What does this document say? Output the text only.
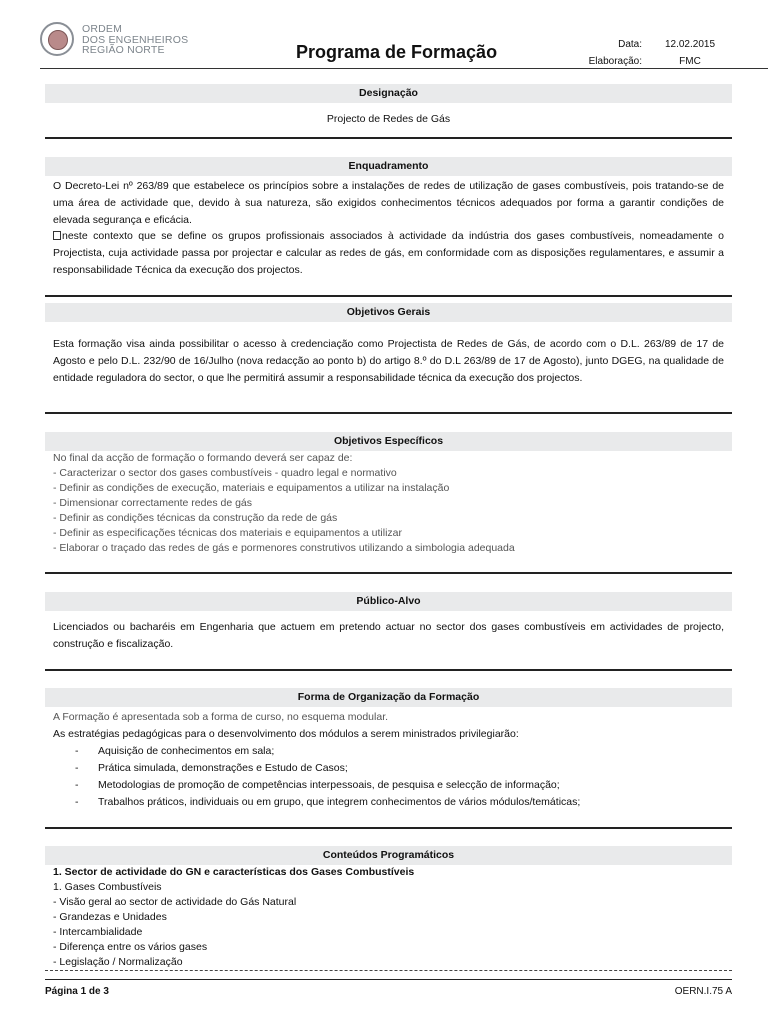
ORDEM
DOS ENGENHEIROS
REGIÃO NORTE	Programa de Formação	Data: 12.02.2015
Elaboração:	FMC
Designação
Projecto de Redes de Gás
Enquadramento
O Decreto-Lei nº 263/89 que estabelece os princípios sobre a instalações de redes de utilização de gases combustíveis, pois tratando-se de uma área de actividade que, devido à sua natureza, são exigidos conhecimentos técnicos adequados por forma a garantir condições de elevada segurança e eficácia.
neste contexto que se define os grupos profissionais associados à actividade da indústria dos gases combustíveis, nomeadamente o Projectista, cuja actividade passa por projectar e calcular as redes de gás, em conformidade com as disposições regulamentares, e assumir a responsabilidade Técnica da execução dos projectos.
Objetivos Gerais
Esta formação visa ainda possibilitar o acesso à credenciação como Projectista de Redes de Gás, de acordo com o D.L. 263/89 de 17 de Agosto e pelo D.L. 232/90 de 16/Julho (nova redacção ao ponto b) do artigo 8.º do D.L 263/89 de 17 de Agosto), junto DGEG, na qualidade de entidade reguladora do sector, o que lhe permitirá assumir a responsabilidade técnica da execução dos projectos.
Objetivos Específicos
No final da acção de formação o formando deverá ser capaz de:
- Caracterizar o sector dos gases combustíveis - quadro legal e normativo
- Definir as condições de execução, materiais e equipamentos a utilizar na instalação
- Dimensionar correctamente redes de gás
- Definir as condições técnicas da construção da rede de gás
- Definir as especificações técnicas dos materiais e equipamentos a utilizar
- Elaborar o traçado das redes de gás e pormenores construtivos utilizando a simbologia adequada
Público-Alvo
Licenciados ou bacharéis em Engenharia que actuem em pretendo actuar no sector dos gases combustíveis em actividades de projecto, construção e fiscalização.
Forma de Organização da Formação
A Formação é apresentada sob a forma de curso, no esquema modular.
As estratégias pedagógicas para o desenvolvimento dos módulos a serem ministrados privilegiarão:
- Aquisição de conhecimentos em sala;
- Prática simulada, demonstrações e Estudo de Casos;
- Metodologias de promoção de competências interpessoais, de pesquisa e selecção de informação;
- Trabalhos práticos, individuais ou em grupo, que integrem conhecimentos de vários módulos/temáticas;
Conteúdos Programáticos
1. Sector de actividade do GN e características dos Gases Combustíveis
1. Gases Combustíveis
- Visão geral ao sector de actividade do Gás Natural
- Grandezas e Unidades
- Intercambialidade
- Diferença entre os vários gases
- Legislação / Normalização
Página 1 de 3	OERN.I.75 A
